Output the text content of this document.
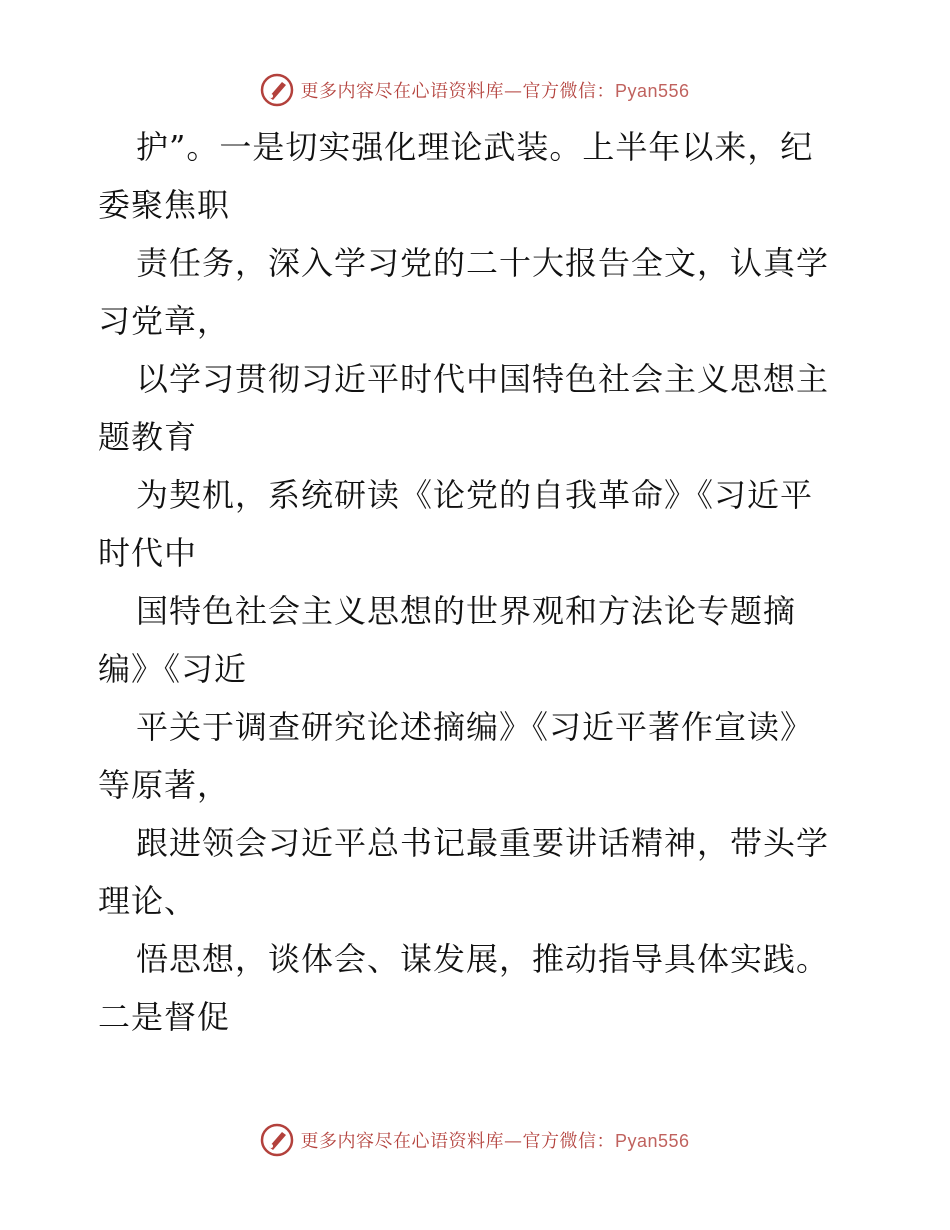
更多内容尽在心语资料库—官方微信：Pyan556
护”。一是切实强化理论武装。上半年以来，纪
委聚焦职
责任务，深入学习党的二十大报告全文，认真学
习党章，
以学习贯彻习近平时代中国特色社会主义思想主
题教育
为契机，系统研读《论党的自我革命》《习近平
时代中
国特色社会主义思想的世界观和方法论专题摘
编》《习近
平关于调查研究论述摘编》《习近平著作宣读》
等原著，
跟进领会习近平总书记最重要讲话精神，带头学
理论、
悟思想，谈体会、谋发展，推动指导具体实践。
二是督促
更多内容尽在心语资料库—官方微信：Pyan556
